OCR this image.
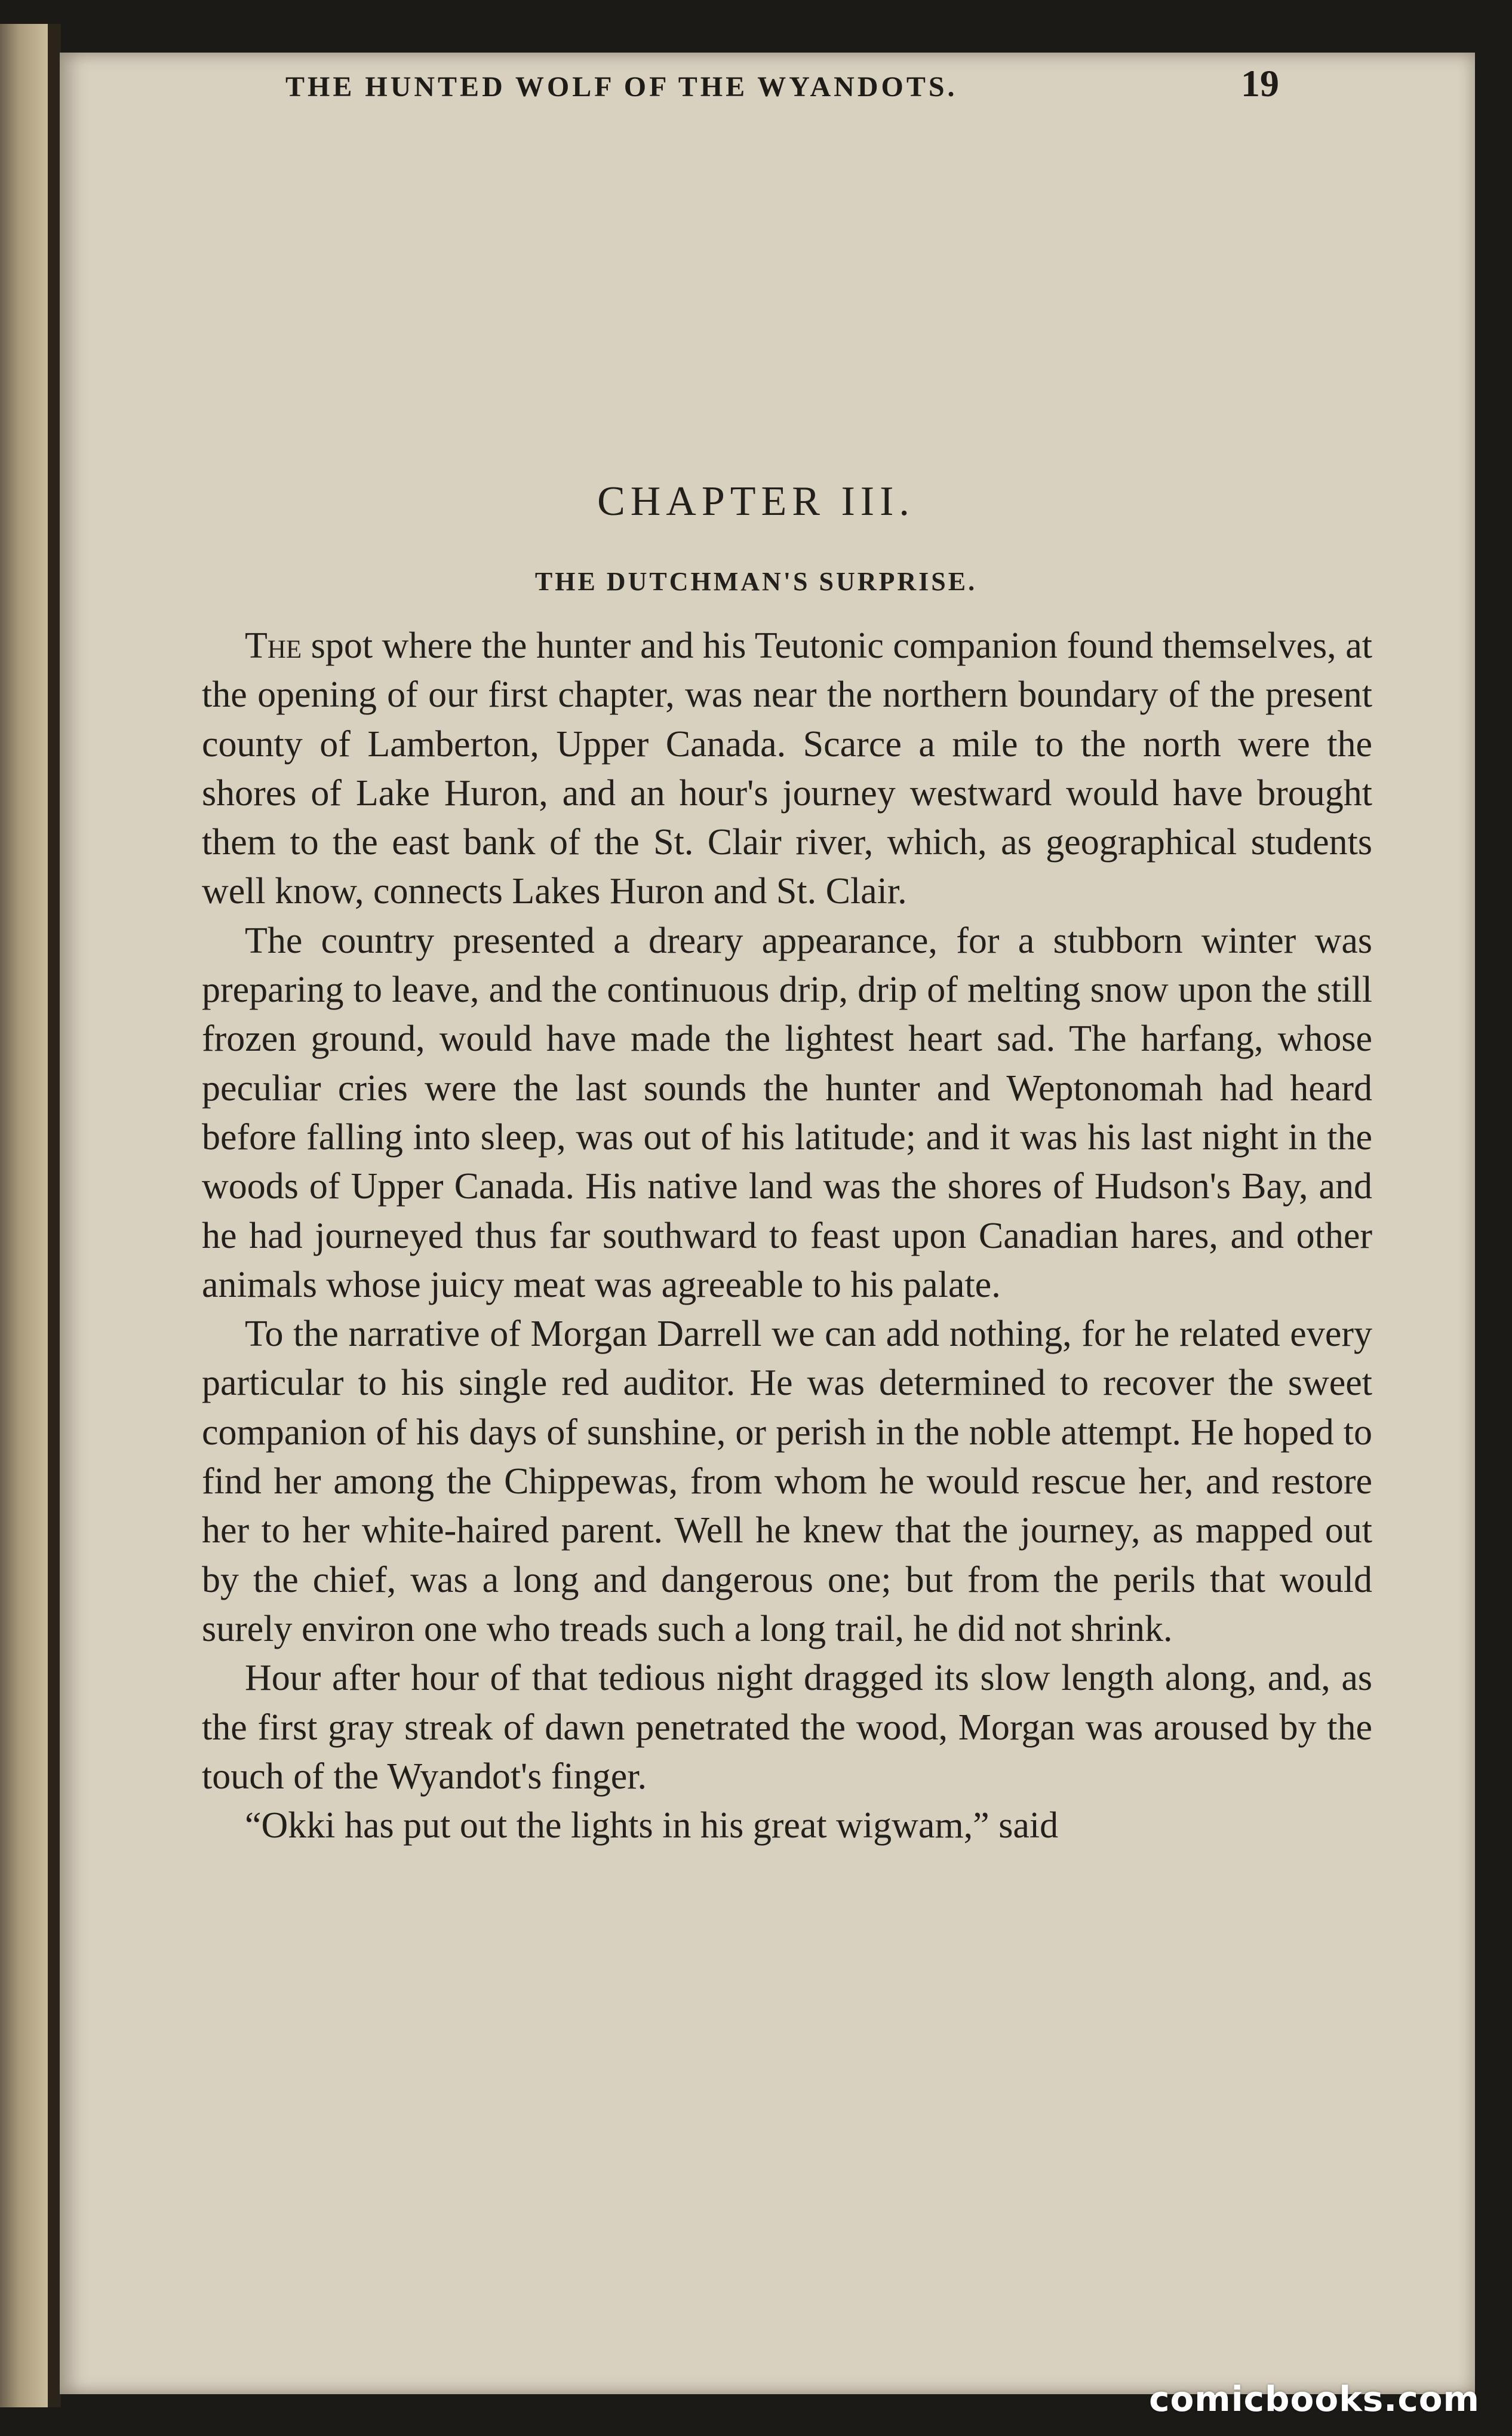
THE HUNTED WOLF OF THE WYANDOTS.	19
CHAPTER III.
THE DUTCHMAN'S SURPRISE.

The spot where the hunter and his Teutonic companion found themselves, at the opening of our first chapter, was near the northern boundary of the present county of Lamberton, Upper Canada. Scarce a mile to the north were the shores of Lake Huron, and an hour's journey westward would have brought them to the east bank of the St. Clair river, which, as geographical students well know, connects Lakes Huron and St. Clair.

The country presented a dreary appearance, for a stubborn winter was preparing to leave, and the continuous drip, drip of melting snow upon the still frozen ground, would have made the lightest heart sad. The harfang, whose peculiar cries were the last sounds the hunter and Weptonomah had heard before falling into sleep, was out of his latitude; and it was his last night in the woods of Upper Canada. His native land was the shores of Hudson's Bay, and he had journeyed thus far southward to feast upon Canadian hares, and other animals whose juicy meat was agreeable to his palate.

To the narrative of Morgan Darrell we can add nothing, for he related every particular to his single red auditor. He was determined to recover the sweet companion of his days of sunshine, or perish in the noble attempt. He hoped to find her among the Chippewas, from whom he would rescue her, and restore her to her white-haired parent. Well he knew that the journey, as mapped out by the chief, was a long and dangerous one; but from the perils that would surely environ one who treads such a long trail, he did not shrink.

Hour after hour of that tedious night dragged its slow length along, and, as the first gray streak of dawn penetrated the wood, Morgan was aroused by the touch of the Wyandot's finger.

“Okki has put out the lights in his great wigwam,” said

comicbooks.com
